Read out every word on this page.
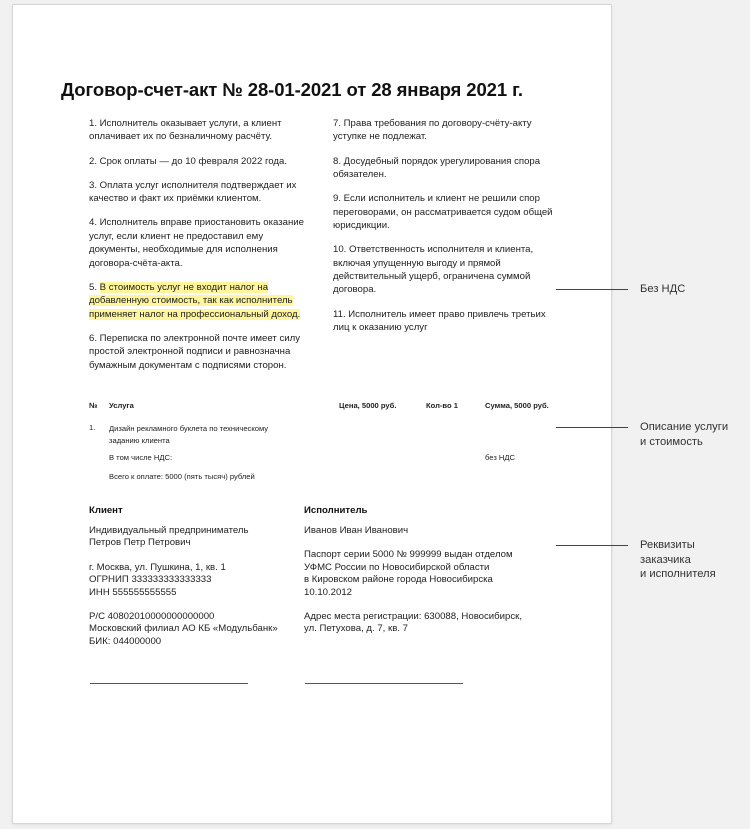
Договор-счет-акт № 28-01-2021 от 28 января 2021 г.
1. Исполнитель оказывает услуги, а клиент
оплачивает их по безналичному расчёту.
2. Срок оплаты — до 10 февраля 2022 года.
3. Оплата услуг исполнителя подтверждает их
качество и факт их приёмки клиентом.
4. Исполнитель вправе приостановить оказание
услуг, если клиент не предоставил ему
документы, необходимые для исполнения
договора-счёта-акта.
5. В стоимость услуг не входит налог на
добавленную стоимость, так как исполнитель
применяет налог на профессиональный доход.
6. Переписка по электронной почте имеет силу
простой электронной подписи и равнозначна
бумажным документам с подписями сторон.
7. Права требования по договору-счёту-акту
уступке не подлежат.
8. Досудебный порядок урегулирования спора
обязателен.
9. Если исполнитель и клиент не решили спор
переговорами, он рассматривается судом общей
юрисдикции.
10. Ответственность исполнителя и клиента,
включая упущенную выгоду и прямой
действительный ущерб, ограничена суммой
договора.
11. Исполнитель имеет право привлечь третьих
лиц к оказанию услуг
№ Услуга	Цена, 5000 руб.	Кол-во 1	Сумма, 5000 руб.
1. Дизайн рекламного буклета по техническому
заданию клиента
В том числе НДС:	без НДС
Всего к оплате: 5000 (пять тысяч) рублей
Клиент
Индивидуальный предприниматель
Петров Петр Петрович
г. Москва, ул. Пушкина, 1, кв. 1
ОГРНИП 333333333333333
ИНН 555555555555
Р/С 40802010000000000000
Московский филиал АО КБ «Модульбанк»
БИК: 044000000
Исполнитель
Иванов Иван Иванович
Паспорт серии 5000 № 999999 выдан отделом
УФМС России по Новосибирской области
в Кировском районе города Новосибирска
10.10.2012
Адрес места регистрации: 630088, Новосибирск,
ул. Петухова, д. 7, кв. 7
Без НДС
Описание услуги
и стоимость
Реквизиты
заказчика
и исполнителя
